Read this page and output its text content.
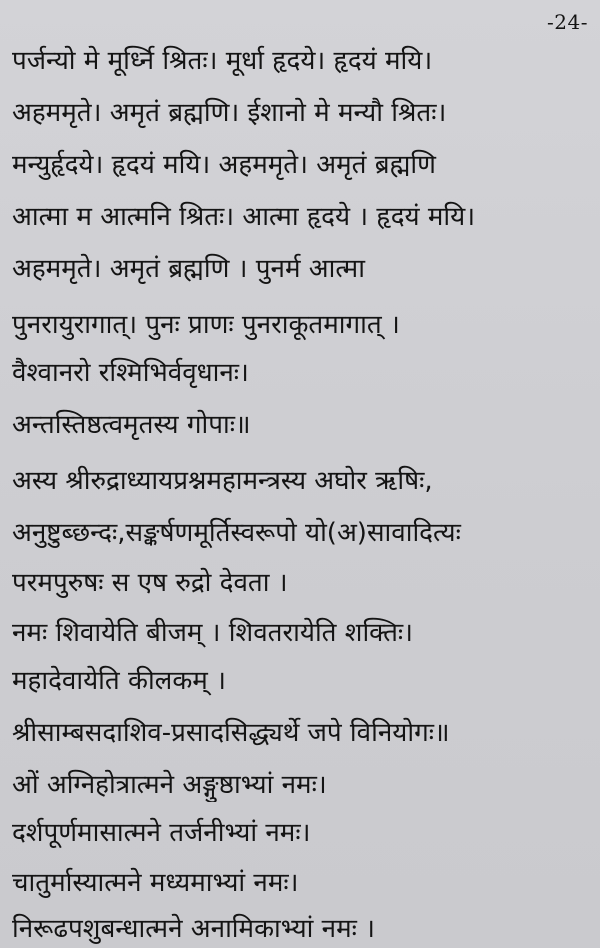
-24-
पर्जन्यो मे मूर्ध्नि श्रितः। मूर्धा हृदये। हृदयं मयि।
अहममृते। अमृतं ब्रह्मणि। ईशानो मे मन्यौ श्रितः।
मन्युर्हृदये। हृदयं मयि। अहममृते। अमृतं ब्रह्मणि
आत्मा म आत्मनि श्रितः। आत्मा हृदये । हृदयं मयि।
अहममृते। अमृतं ब्रह्मणि । पुनर्म आत्मा
पुनरायुरागात्। पुनः प्राणः पुनराकूतमागात् ।
वैश्वानरो रश्मिभिर्ववृधानः।
अन्तस्तिष्ठत्वमृतस्य गोपाः॥
अस्य श्रीरुद्राध्यायप्रश्नमहामन्त्रस्य अघोर ऋषिः,
अनुष्टुब्छन्दः,सङ्कर्षणमूर्तिस्वरूपो यो(अ)सावादित्यः
परमपुरुषः स एष रुद्रो देवता ।
नमः शिवायेति बीजम् । शिवतरायेति शक्तिः।
महादेवायेति कीलकम् ।
श्रीसाम्बसदाशिव-प्रसादसिद्ध्यर्थे जपे विनियोगः॥
ओं अग्निहोत्रात्मने अङ्गुष्ठाभ्यां नमः।
दर्शपूर्णमासात्मने तर्जनीभ्यां नमः।
चातुर्मास्यात्मने मध्यमाभ्यां नमः।
निरूढपशुबन्धात्मने अनामिकाभ्यां नमः ।
